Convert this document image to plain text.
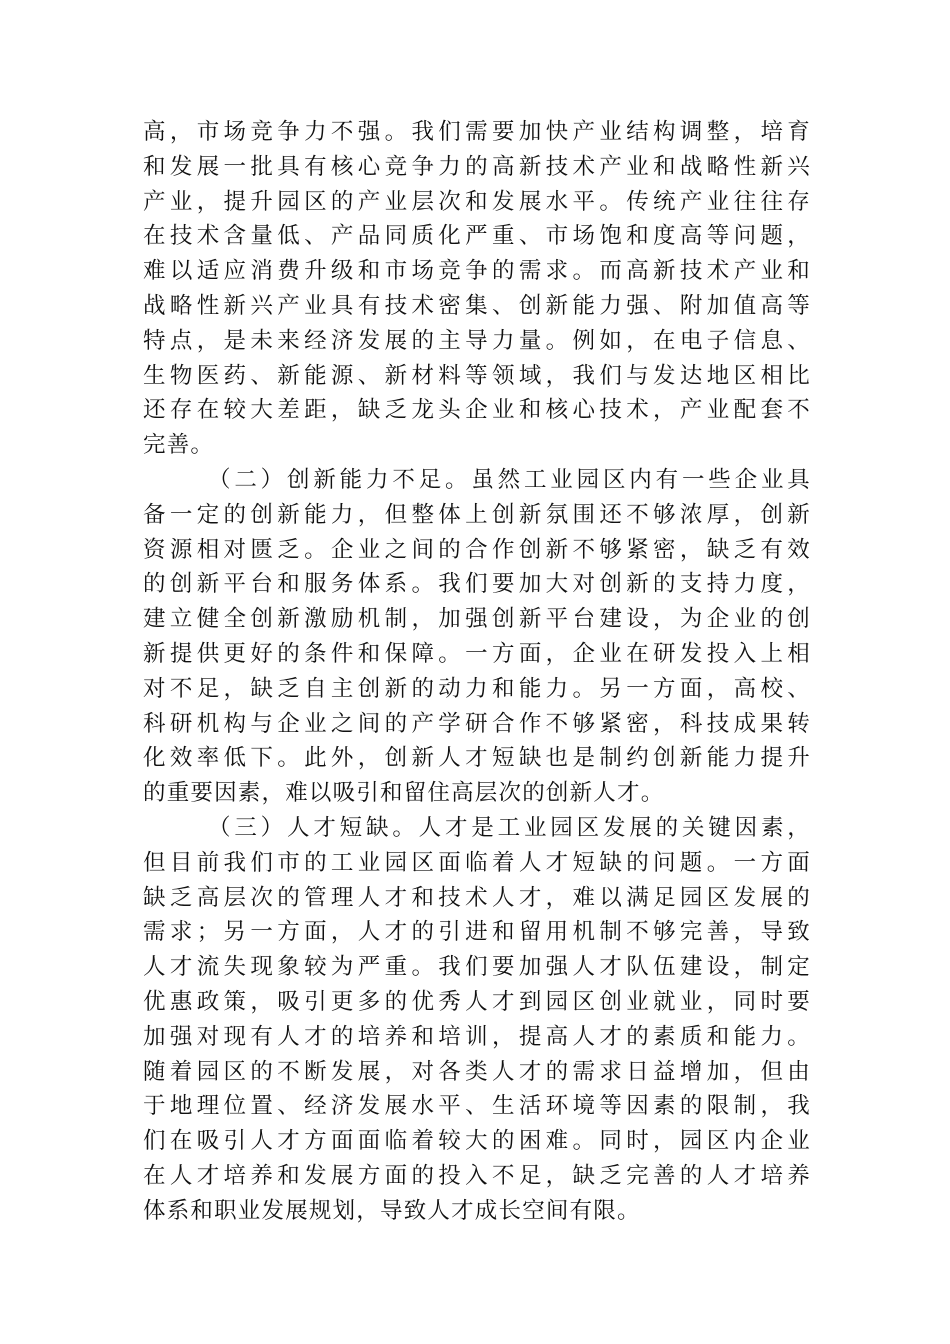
高，市场竞争力不强。我们需要加快产业结构调整，培育
和发展一批具有核心竞争力的高新技术产业和战略性新兴
产业，提升园区的产业层次和发展水平。传统产业往往存
在技术含量低、产品同质化严重、市场饱和度高等问题，
难以适应消费升级和市场竞争的需求。而高新技术产业和
战略性新兴产业具有技术密集、创新能力强、附加值高等
特点，是未来经济发展的主导力量。例如，在电子信息、
生物医药、新能源、新材料等领域，我们与发达地区相比
还存在较大差距，缺乏龙头企业和核心技术，产业配套不
完善。
（二）创新能力不足。虽然工业园区内有一些企业具
备一定的创新能力，但整体上创新氛围还不够浓厚，创新
资源相对匮乏。企业之间的合作创新不够紧密，缺乏有效
的创新平台和服务体系。我们要加大对创新的支持力度，
建立健全创新激励机制，加强创新平台建设，为企业的创
新提供更好的条件和保障。一方面，企业在研发投入上相
对不足，缺乏自主创新的动力和能力。另一方面，高校、
科研机构与企业之间的产学研合作不够紧密，科技成果转
化效率低下。此外，创新人才短缺也是制约创新能力提升
的重要因素，难以吸引和留住高层次的创新人才。
（三）人才短缺。人才是工业园区发展的关键因素，
但目前我们市的工业园区面临着人才短缺的问题。一方面
缺乏高层次的管理人才和技术人才，难以满足园区发展的
需求；另一方面，人才的引进和留用机制不够完善，导致
人才流失现象较为严重。我们要加强人才队伍建设，制定
优惠政策，吸引更多的优秀人才到园区创业就业，同时要
加强对现有人才的培养和培训，提高人才的素质和能力。
随着园区的不断发展，对各类人才的需求日益增加，但由
于地理位置、经济发展水平、生活环境等因素的限制，我
们在吸引人才方面面临着较大的困难。同时，园区内企业
在人才培养和发展方面的投入不足，缺乏完善的人才培养
体系和职业发展规划，导致人才成长空间有限。
